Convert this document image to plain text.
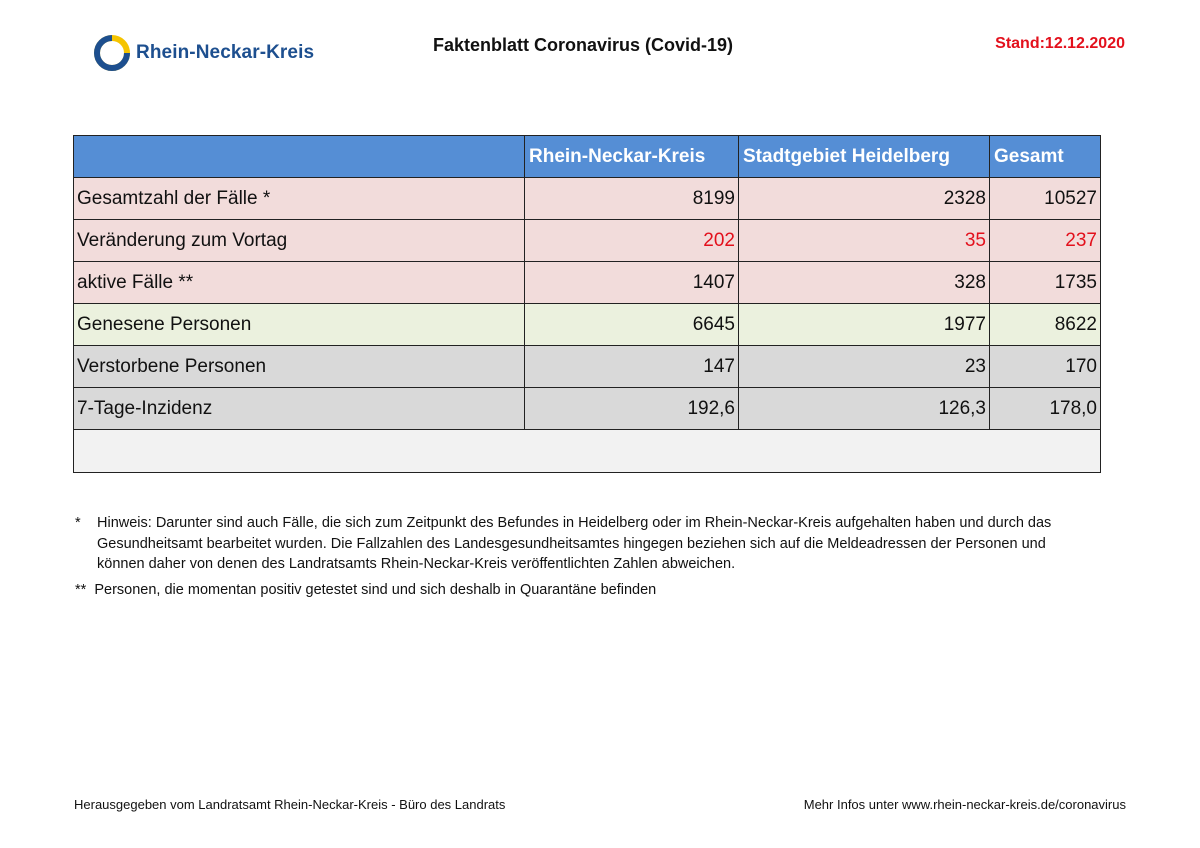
Rhein-Neckar-Kreis	Faktenblatt Coronavirus (Covid-19)	Stand:12.12.2020
	Rhein-Neckar-Kreis	Stadtgebiet Heidelberg	Gesamt
Gesamtzahl der Fälle *	8199	2328	10527
Veränderung zum Vortag	202	35	237
aktive Fälle **	1407	328	1735
Genesene Personen	6645	1977	8622
Verstorbene Personen	147	23	170
7-Tage-Inzidenz	192,6	126,3	178,0

*	Hinweis: Darunter sind auch Fälle, die sich zum Zeitpunkt des Befundes in Heidelberg oder im Rhein-Neckar-Kreis aufgehalten haben und durch das Gesundheitsamt bearbeitet wurden. Die Fallzahlen des Landesgesundheitsamtes hingegen beziehen sich auf die Meldeadressen der Personen und können daher von denen des Landratsamts Rhein-Neckar-Kreis veröffentlichten Zahlen abweichen.
** Personen, die momentan positiv getestet sind und sich deshalb in Quarantäne befinden
Herausgegeben vom Landratsamt Rhein-Neckar-Kreis - Büro des Landrats	Mehr Infos unter www.rhein-neckar-kreis.de/coronavirus
